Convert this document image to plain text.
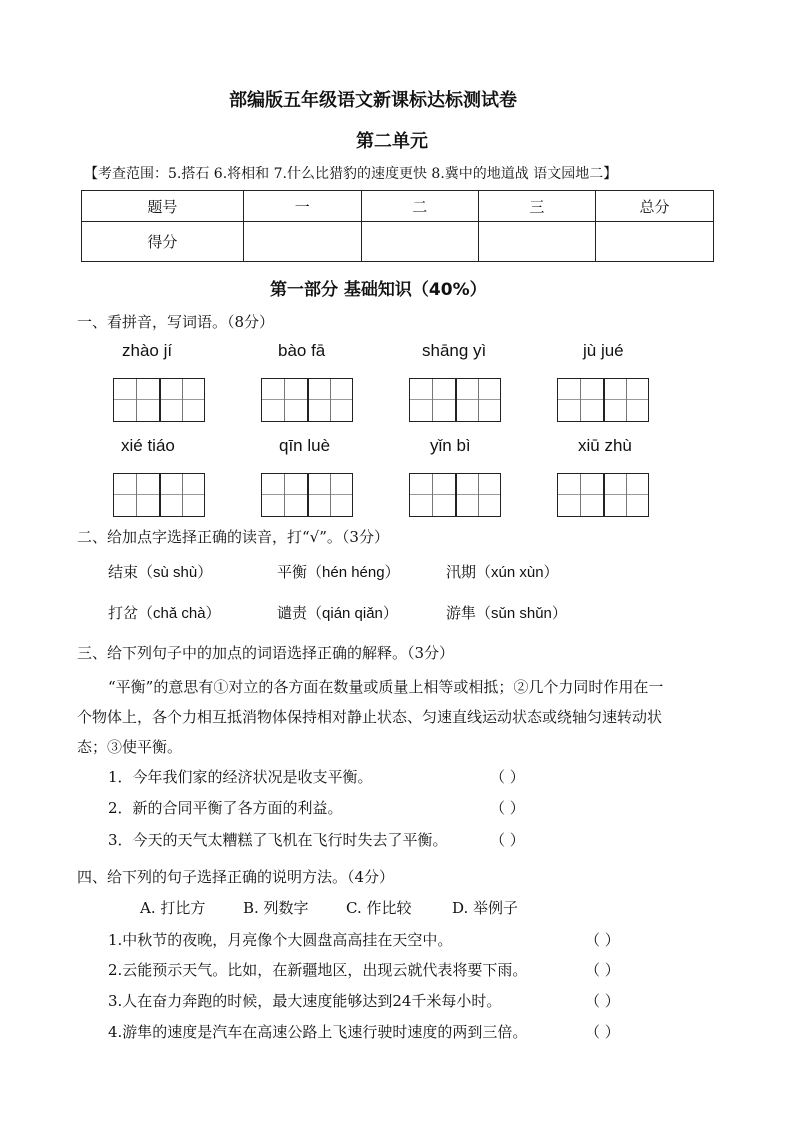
部编版五年级语文新课标达标测试卷
第二单元
【考查范围：5.搭石 6.将相和 7.什么比猎豹的速度更快 8.冀中的地道战 语文园地二】
题号	一	二	三	总分
得分				
第一部分 基础知识（40%）
一、看拼音，写词语。（8分）
zhào jí	bào fā	shāng yì	jù jué
xié tiáo	qīn luè	yǐn bì	xiū zhù
二、给加点字选择正确的读音，打“√”。（3分）
结束（sù shù）	平衡（hén héng）	汛期（xún xùn）
打岔（chǎ chà）	谴责（qián qiǎn）	游隼（sǔn shǔn）
三、给下列句子中的加点的词语选择正确的解释。（3分）
“平衡”的意思有①对立的各方面在数量或质量上相等或相抵；②几个力同时作用在一
个物体上，各个力相互抵消物体保持相对静止状态、匀速直线运动状态或绕轴匀速转动状
态；③使平衡。
1．今年我们家的经济状况是收支平衡。	（ ）
2．新的合同平衡了各方面的利益。	（ ）
3．今天的天气太糟糕了飞机在飞行时失去了平衡。	（ ）
四、给下列的句子选择正确的说明方法。（4分）
A. 打比方	B. 列数字 C. 作比较	D. 举例子
1.中秋节的夜晚，月亮像个大圆盘高高挂在天空中。	（ ）
2.云能预示天气。比如，在新疆地区，出现云就代表将要下雨。	（ ）
3.人在奋力奔跑的时候，最大速度能够达到24千米每小时。	（ ）
4.游隼的速度是汽车在高速公路上飞速行驶时速度的两到三倍。	（ ）
